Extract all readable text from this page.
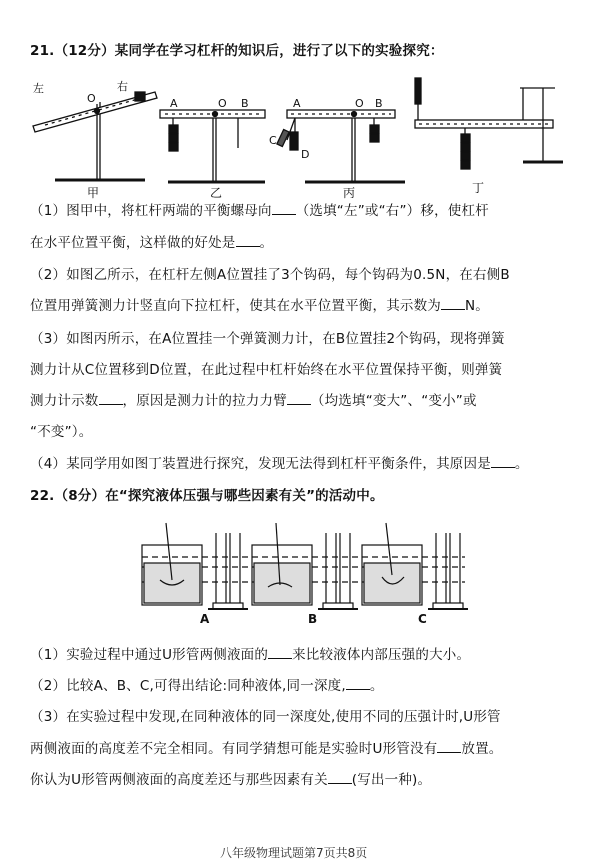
21.（12分）某同学在学习杠杆的知识后，进行了以下的实验探究：
左	右
O	A	O B	A	O B
C
D
甲	乙	丙	丁
（1）图甲中，将杠杆两端的平衡螺母向 （选填“左”或“右”）移，使杠杆
在水平位置平衡，这样做的好处是 。
（2）如图乙所示，在杠杆左侧A位置挂了3个钩码，每个钩码为0.5N，在右侧B
位置用弹簧测力计竖直向下拉杠杆，使其在水平位置平衡，其示数为 N。
（3）如图丙所示，在A位置挂一个弹簧测力计，在B位置挂2个钩码，现将弹簧
测力计从C位置移到D位置，在此过程中杠杆始终在水平位置保持平衡，则弹簧
测力计示数 ，原因是测力计的拉力力臂 （均选填“变大”、“变小”或
“不变”）。
（4）某同学用如图丁装置进行探究，发现无法得到杠杆平衡条件，其原因是 。
22.（8分）在“探究液体压强与哪些因素有关”的活动中。
A	B	C
（1）实验过程中通过U形管两侧液面的 来比较液体内部压强的大小。
（2）比较A、B、C,可得出结论:同种液体,同一深度, 。
（3）在实验过程中发现,在同种液体的同一深度处,使用不同的压强计时,U形管
两侧液面的高度差不完全相同。有同学猜想可能是实验时U形管没有 放置。
你认为U形管两侧液面的高度差还与那些因素有关 (写出一种)。
八年级物理试题第7页共8页
